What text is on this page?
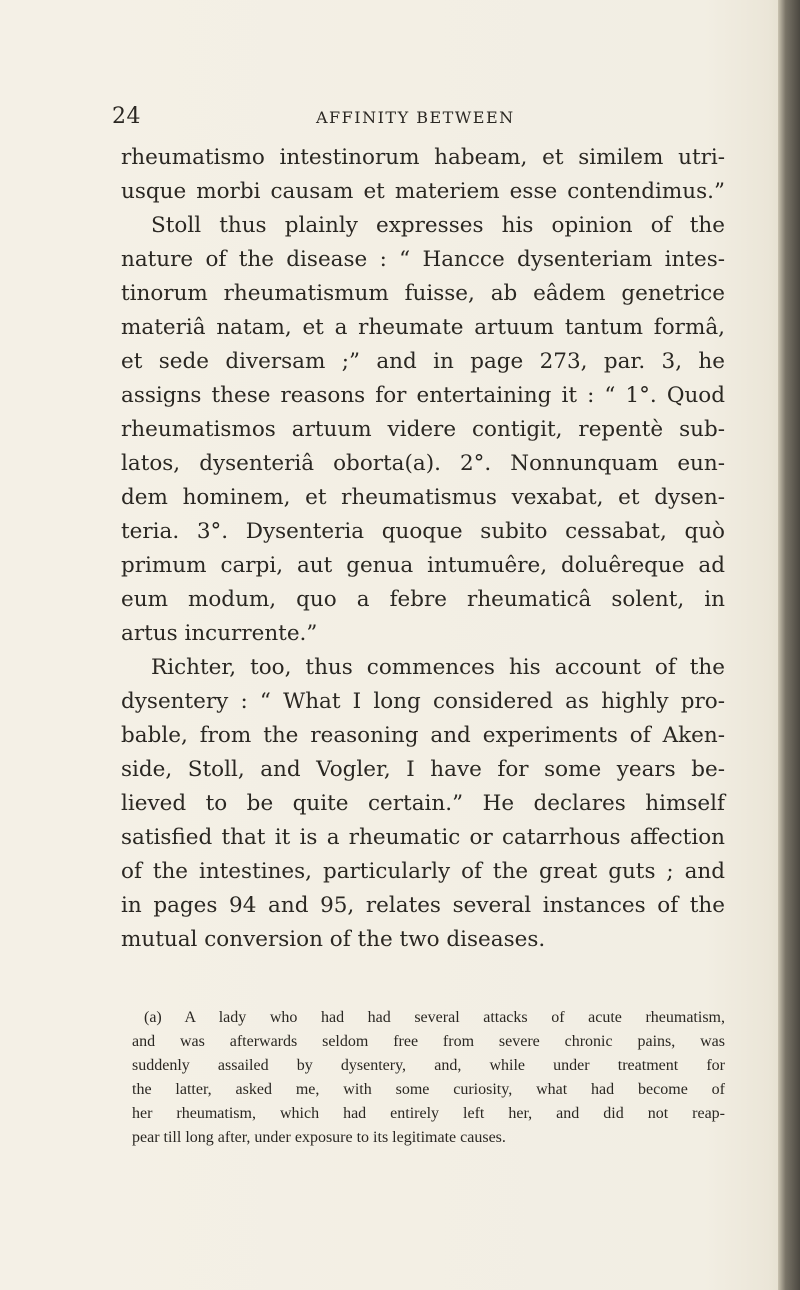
24	AFFINITY BETWEEN
rheumatismo intestinorum habeam, et similem utri-
usque morbi causam et materiem esse contendimus.”
Stoll thus plainly expresses his opinion of the
nature of the disease : “ Hancce dysenteriam intes-
tinorum rheumatismum fuisse, ab eâdem genetrice
materiâ natam, et a rheumate artuum tantum formâ,
et sede diversam ;” and in page 273, par. 3, he
assigns these reasons for entertaining it : “ 1°. Quod
rheumatismos artuum videre contigit, repentè sub-
latos, dysenteriâ oborta(a). 2°. Nonnunquam eun-
dem hominem, et rheumatismus vexabat, et dysen-
teria. 3°. Dysenteria quoque subito cessabat, quò
primum carpi, aut genua intumuêre, doluêreque ad
eum modum, quo a febre rheumaticâ solent, in
artus incurrente.”
Richter, too, thus commences his account of the
dysentery : “ What I long considered as highly pro-
bable, from the reasoning and experiments of Aken-
side, Stoll, and Vogler, I have for some years be-
lieved to be quite certain.” He declares himself
satisfied that it is a rheumatic or catarrhous affection
of the intestines, particularly of the great guts ; and
in pages 94 and 95, relates several instances of the
mutual conversion of the two diseases.
(a) A lady who had had several attacks of acute rheumatism,
and was afterwards seldom free from severe chronic pains, was
suddenly assailed by dysentery, and, while under treatment for
the latter, asked me, with some curiosity, what had become of
her rheumatism, which had entirely left her, and did not reap-
pear till long after, under exposure to its legitimate causes.
